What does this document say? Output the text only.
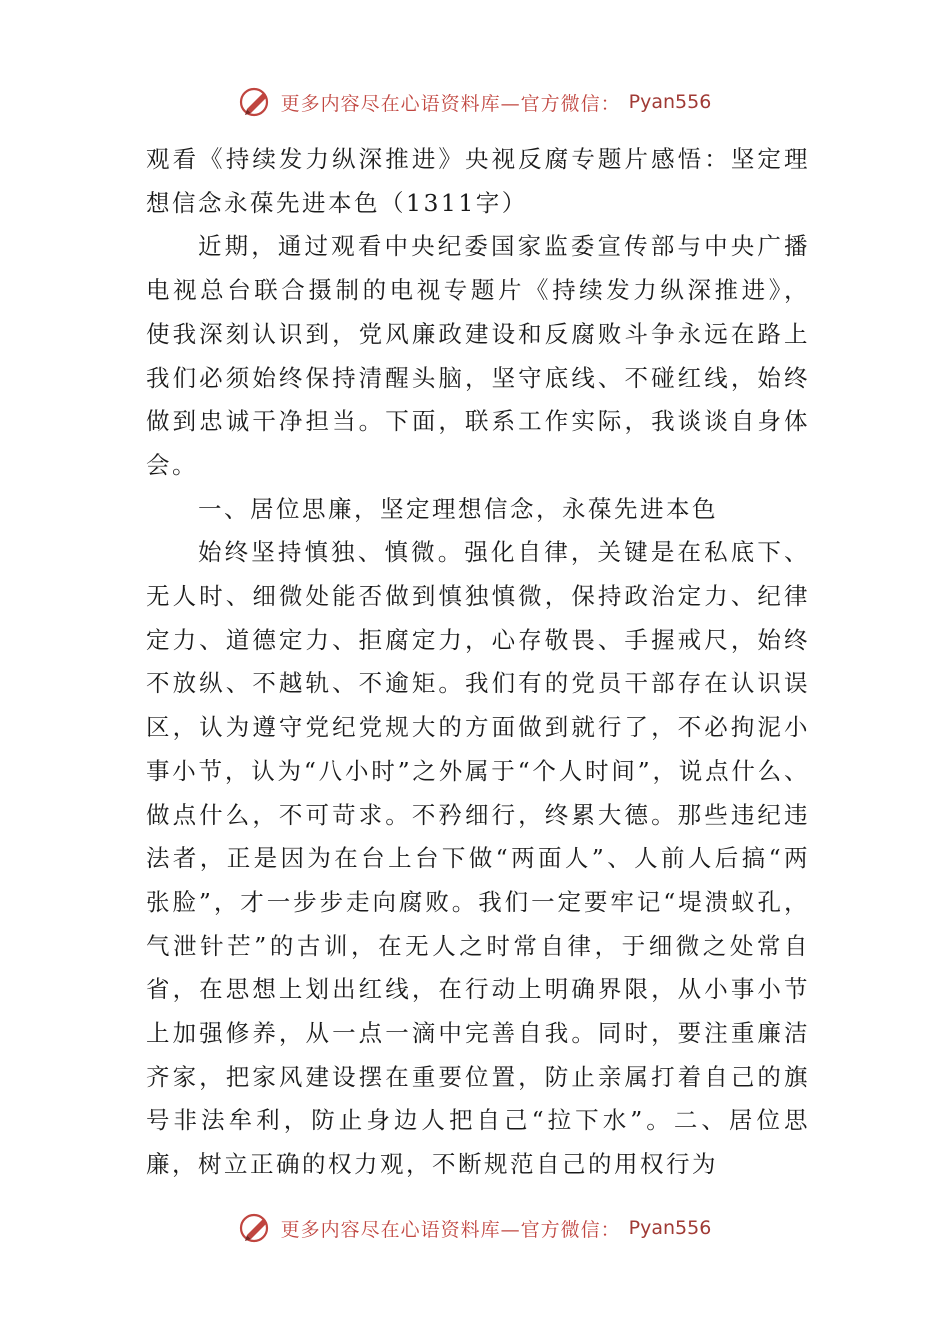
更多内容尽在心语资料库—官方微信： Pyan556

观看《持续发力纵深推进》央视反腐专题片感悟：坚定理想信念永葆先进本色（1311字）

近期，通过观看中央纪委国家监委宣传部与中央广播电视总台联合摄制的电视专题片《持续发力纵深推进》，使我深刻认识到，党风廉政建设和反腐败斗争永远在路上我们必须始终保持清醒头脑，坚守底线、不碰红线，始终做到忠诚干净担当。下面，联系工作实际，我谈谈自身体会。

一、居位思廉，坚定理想信念，永葆先进本色

始终坚持慎独、慎微。强化自律，关键是在私底下、无人时、细微处能否做到慎独慎微，保持政治定力、纪律定力、道德定力、拒腐定力，心存敬畏、手握戒尺，始终不放纵、不越轨、不逾矩。我们有的党员干部存在认识误区，认为遵守党纪党规大的方面做到就行了，不必拘泥小事小节，认为“八小时”之外属于“个人时间”，说点什么、做点什么，不可苛求。不矜细行，终累大德。那些违纪违法者，正是因为在台上台下做“两面人”、人前人后搞“两张脸”，才一步步走向腐败。我们一定要牢记“堤溃蚁孔，气泄针芒”的古训，在无人之时常自律，于细微之处常自省，在思想上划出红线，在行动上明确界限，从小事小节上加强修养，从一点一滴中完善自我。同时，要注重廉洁齐家，把家风建设摆在重要位置，防止亲属打着自己的旗号非法牟利，防止身边人把自己“拉下水”。二、居位思廉，树立正确的权力观，不断规范自己的用权行为

更多内容尽在心语资料库—官方微信： Pyan556
